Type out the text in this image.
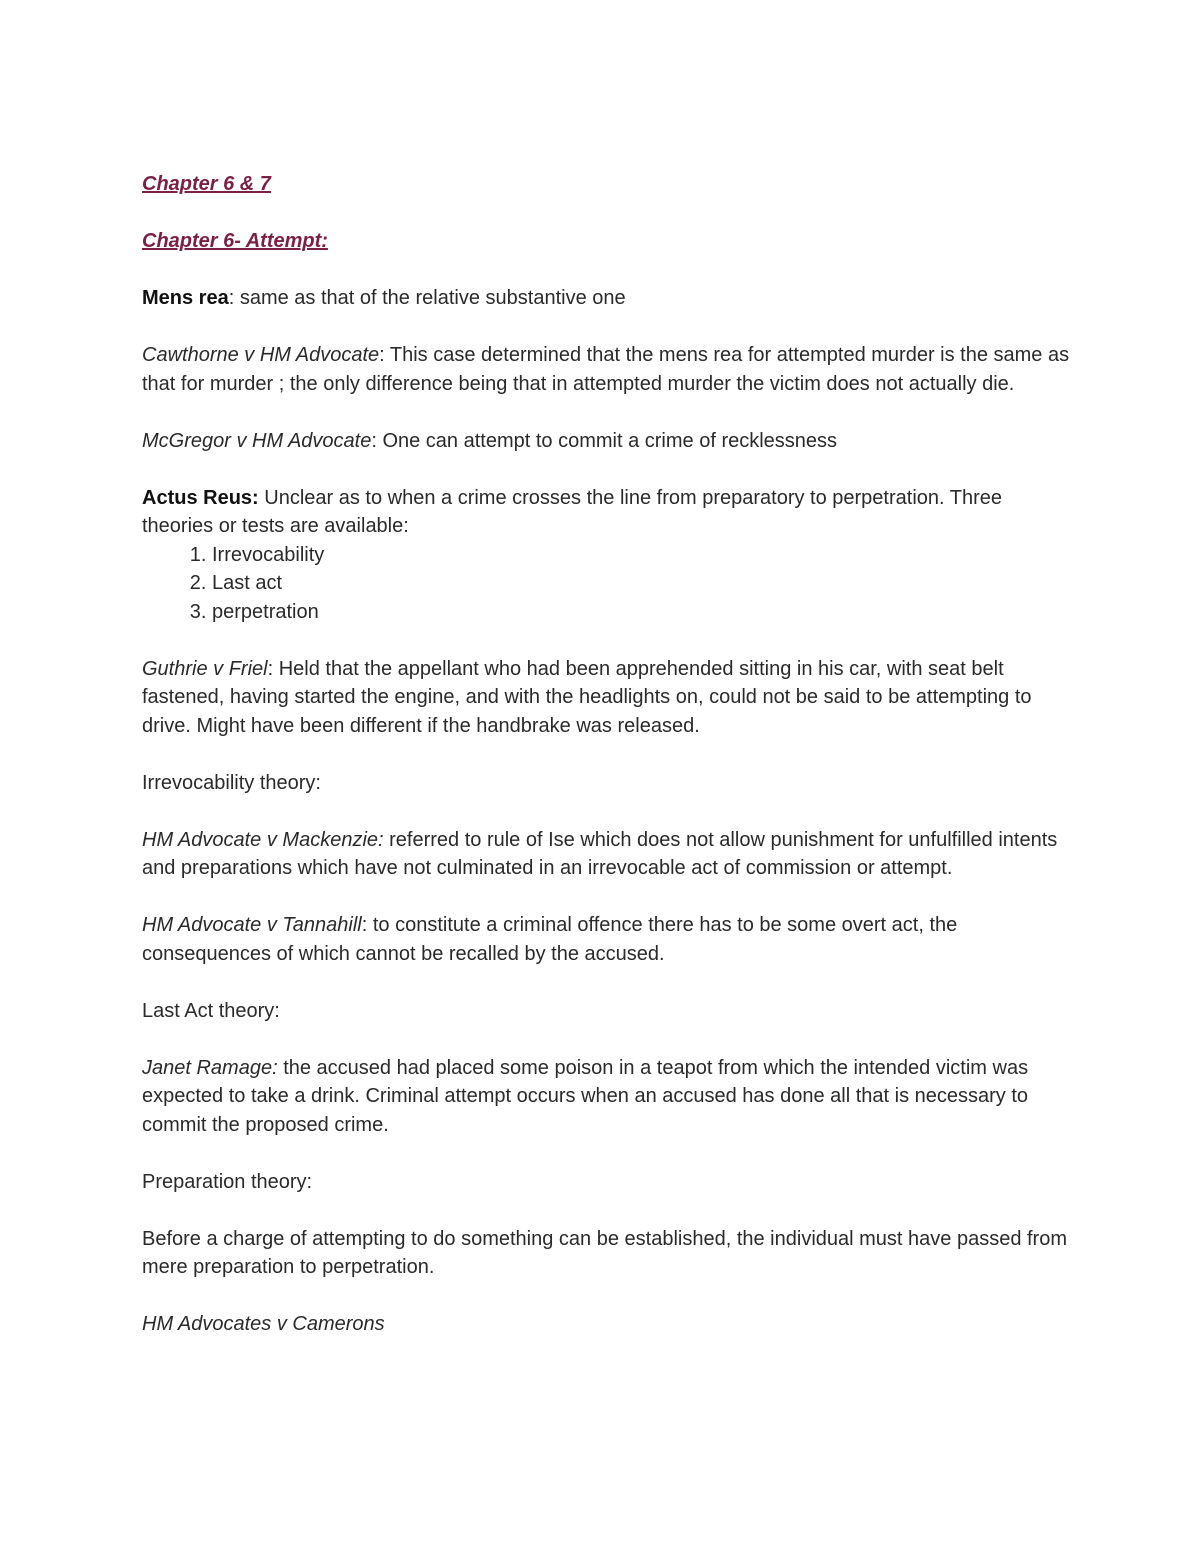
Chapter 6 & 7

Chapter 6- Attempt:

Mens rea: same as that of the relative substantive one

Cawthorne v HM Advocate: This case determined that the mens rea for attempted murder is the same as that for murder ; the only difference being that in attempted murder the victim does not actually die.

McGregor v HM Advocate: One can attempt to commit a crime of recklessness

Actus Reus: Unclear as to when a crime crosses the line from preparatory to perpetration. Three theories or tests are available:

1. Irrevocability
2. Last act
3. perpetration

Guthrie v Friel: Held that the appellant who had been apprehended sitting in his car, with seat belt fastened, having started the engine, and with the headlights on, could not be said to be attempting to drive. Might have been different if the handbrake was released.

Irrevocability theory:

HM Advocate v Mackenzie: referred to rule of Ise which does not allow punishment for unfulfilled intents and preparations which have not culminated in an irrevocable act of commission or attempt.

HM Advocate v Tannahill: to constitute a criminal offence there has to be some overt act, the consequences of which cannot be recalled by the accused.

Last Act theory:

Janet Ramage: the accused had placed some poison in a teapot from which the intended victim was expected to take a drink. Criminal attempt occurs when an accused has done all that is necessary to commit the proposed crime.

Preparation theory:

Before a charge of attempting to do something can be established, the individual must have passed from mere preparation to perpetration.

HM Advocates v Camerons
